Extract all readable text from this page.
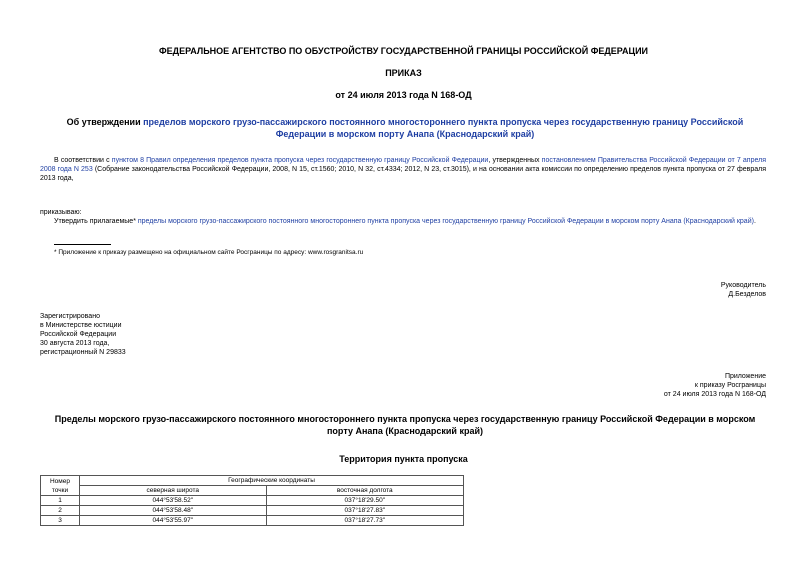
ФЕДЕРАЛЬНОЕ АГЕНТСТВО ПО ОБУСТРОЙСТВУ ГОСУДАРСТВЕННОЙ ГРАНИЦЫ РОССИЙСКОЙ ФЕДЕРАЦИИ
ПРИКАЗ
от 24 июля 2013 года N 168-ОД
Об утверждении пределов морского грузо-пассажирского постоянного многостороннего пункта пропуска через государственную границу Российской Федерации в морском порту Анапа (Краснодарский край)
В соответствии с пунктом 8 Правил определения пределов пункта пропуска через государственную границу Российской Федерации, утвержденных постановлением Правительства Российской Федерации от 7 апреля 2008 года N 253 (Собрание законодательства Российской Федерации, 2008, N 15, ст.1560; 2010, N 32, ст.4334; 2012, N 23, ст.3015), и на основании акта комиссии по определению пределов пункта пропуска от 27 февраля 2013 года,
приказываю:
Утвердить прилагаемые* пределы морского грузо-пассажирского постоянного многостороннего пункта пропуска через государственную границу Российской Федерации в морском порту Анапа (Краснодарский край).
* Приложение к приказу размещено на официальном сайте Росграницы по адресу: www.rosgranitsa.ru
Руководитель
Д.Безделов
Зарегистрировано
в Министерстве юстиции
Российской Федерации
30 августа 2013 года,
регистрационный N 29833
Приложение
к приказу Росграницы
от 24 июля 2013 года N 168-ОД
Пределы морского грузо-пассажирского постоянного многостороннего пункта пропуска через государственную границу Российской Федерации в морском порту Анапа (Краснодарский край)
Территория пункта пропуска
Номер
точки	Географические координаты	
	северная широта	восточная долгота
1	044°53'58.52"	037°18'29.50"
2	044°53'58.48"	037°18'27.83"
3	044°53'55.97"	037°18'27.73"
